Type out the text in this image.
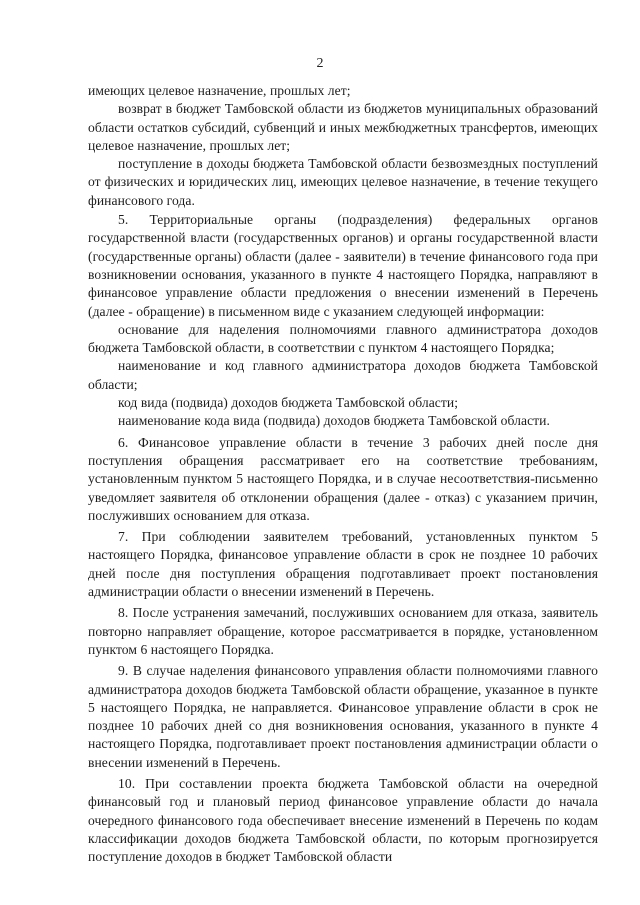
2

имеющих целевое назначение, прошлых лет;

возврат в бюджет Тамбовской области из бюджетов муниципальных образований области остатков субсидий, субвенций и иных межбюджетных трансфертов, имеющих целевое назначение, прошлых лет;

поступление в доходы бюджета Тамбовской области безвозмездных поступлений от физических и юридических лиц, имеющих целевое назначение, в течение текущего финансового года.

5. Территориальные органы (подразделения) федеральных органов государственной власти (государственных органов) и органы государственной власти (государственные органы) области (далее - заявители) в течение финансового года при возникновении основания, указанного в пункте 4 настоящего Порядка, направляют в финансовое управление области предложения о внесении изменений в Перечень (далее - обращение) в письменном виде с указанием следующей информации:

основание для наделения полномочиями главного администратора доходов бюджета Тамбовской области, в соответствии с пунктом 4 настоящего Порядка;

наименование и код главного администратора доходов бюджета Тамбовской области;

код вида (подвида) доходов бюджета Тамбовской области;

наименование кода вида (подвида) доходов бюджета Тамбовской области.

6. Финансовое управление области в течение 3 рабочих дней после дня поступления обращения рассматривает его на соответствие требованиям, установленным пунктом 5 настоящего Порядка, и в случае несоответствия-письменно уведомляет заявителя об отклонении обращения (далее - отказ) с указанием причин, послуживших основанием для отказа.

7. При соблюдении заявителем требований, установленных пунктом 5 настоящего Порядка, финансовое управление области в срок не позднее 10 рабочих дней после дня поступления обращения подготавливает проект постановления администрации области о внесении изменений в Перечень.

8. После устранения замечаний, послуживших основанием для отказа, заявитель повторно направляет обращение, которое рассматривается в порядке, установленном пунктом 6 настоящего Порядка.

9. В случае наделения финансового управления области полномочиями главного администратора доходов бюджета Тамбовской области обращение, указанное в пункте 5 настоящего Порядка, не направляется. Финансовое управление области в срок не позднее 10 рабочих дней со дня возникновения основания, указанного в пункте 4 настоящего Порядка, подготавливает проект постановления администрации области о внесении изменений в Перечень.

10. При составлении проекта бюджета Тамбовской области на очередной финансовый год и плановый период финансовое управление области до начала очередного финансового года обеспечивает внесение изменений в Перечень по кодам классификации доходов бюджета Тамбовской области, по которым прогнозируется поступление доходов в бюджет Тамбовской области
